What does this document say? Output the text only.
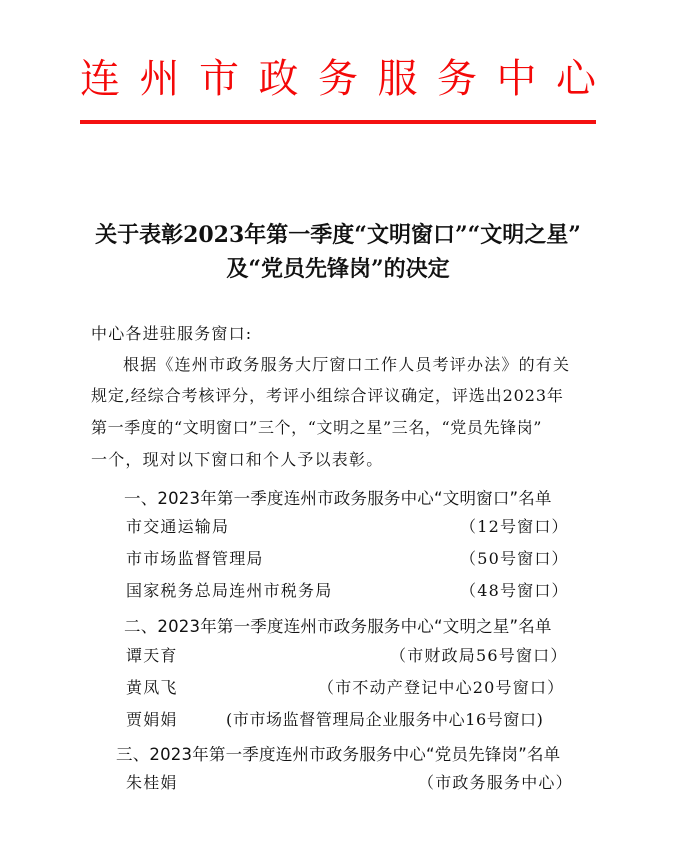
连 州 市 政 务 服 务 中 心
关于表彰2023年第一季度“文明窗口”“文明之星”
及“党员先锋岗”的决定
中心各进驻服务窗口:
根据《连州市政务服务大厅窗口工作人员考评办法》的有关
规定,经综合考核评分，考评小组综合评议确定，评选出2023年
第一季度的“文明窗口”三个，“文明之星”三名，“党员先锋岗”
一个，现对以下窗口和个人予以表彰。
一、2023年第一季度连州市政务服务中心“文明窗口”名单
市交通运输局	（12号窗口）
市市场监督管理局	（50号窗口）
国家税务总局连州市税务局	（48号窗口）
二、2023年第一季度连州市政务服务中心“文明之星”名单
谭天育	（市财政局56号窗口）
黄凤飞	（市不动产登记中心20号窗口）
贾娟娟	(市市场监督管理局企业服务中心16号窗口)
三、2023年第一季度连州市政务服务中心“党员先锋岗”名单
朱桂娟	（市政务服务中心）
